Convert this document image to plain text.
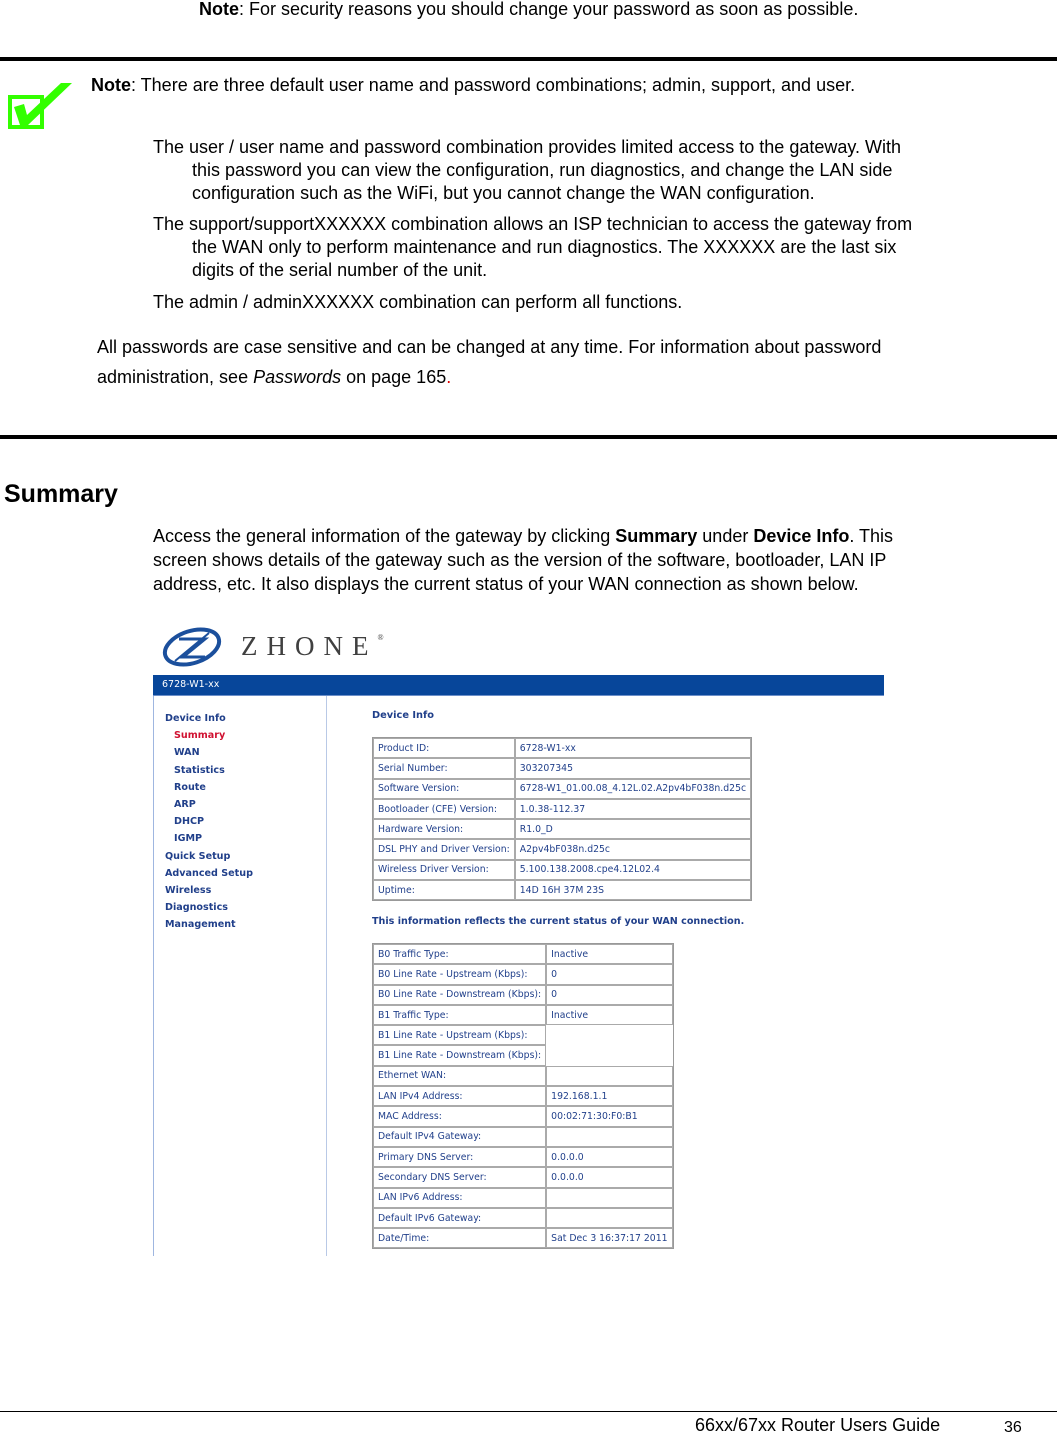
Note: For security reasons you should change your password as soon as possible.
Note: There are three default user name and password combinations; admin, support, and user.
The user / user name and password combination provides limited access to the gateway. With
this password you can view the configuration, run diagnostics, and change the LAN side
configuration such as the WiFi, but you cannot change the WAN configuration.
The support/supportXXXXXX combination allows an ISP technician to access the gateway from
the WAN only to perform maintenance and run diagnostics. The XXXXXX are the last six
digits of the serial number of the unit.
The admin / adminXXXXXX combination can perform all functions.
All passwords are case sensitive and can be changed at any time. For information about password
administration, see Passwords on page 165.
Summary
Access the general information of the gateway by clicking Summary under Device Info. This
screen shows details of the gateway such as the version of the software, bootloader, LAN IP
address, etc. It also displays the current status of your WAN connection as shown below.
ZHONE®
6728-W1-xx
Device Info
Summary
WAN
Statistics
Route
ARP
DHCP
IGMP
Quick Setup
Advanced Setup
Wireless
Diagnostics
Management
Device Info
Product ID:	6728-W1-xx
Serial Number:	303207345
Software Version:	6728-W1_01.00.08_4.12L.02.A2pv4bF038n.d25c
Bootloader (CFE) Version:	1.0.38-112.37
Hardware Version:	R1.0_D
DSL PHY and Driver Version:	A2pv4bF038n.d25c
Wireless Driver Version:	5.100.138.2008.cpe4.12L02.4
Uptime:	14D 16H 37M 23S
This information reflects the current status of your WAN connection.
B0 Traffic Type:	Inactive
B0 Line Rate - Upstream (Kbps):	0
B0 Line Rate - Downstream (Kbps):	0
B1 Traffic Type:	Inactive
B1 Line Rate - Upstream (Kbps):	
B1 Line Rate - Downstream (Kbps):	
Ethernet WAN:	
LAN IPv4 Address:	192.168.1.1
MAC Address:	00:02:71:30:F0:B1
Default IPv4 Gateway:	
Primary DNS Server:	0.0.0.0
Secondary DNS Server:	0.0.0.0
LAN IPv6 Address:	
Default IPv6 Gateway:	
Date/Time:	Sat Dec 3 16:37:17 2011
66xx/67xx Router Users Guide	36
